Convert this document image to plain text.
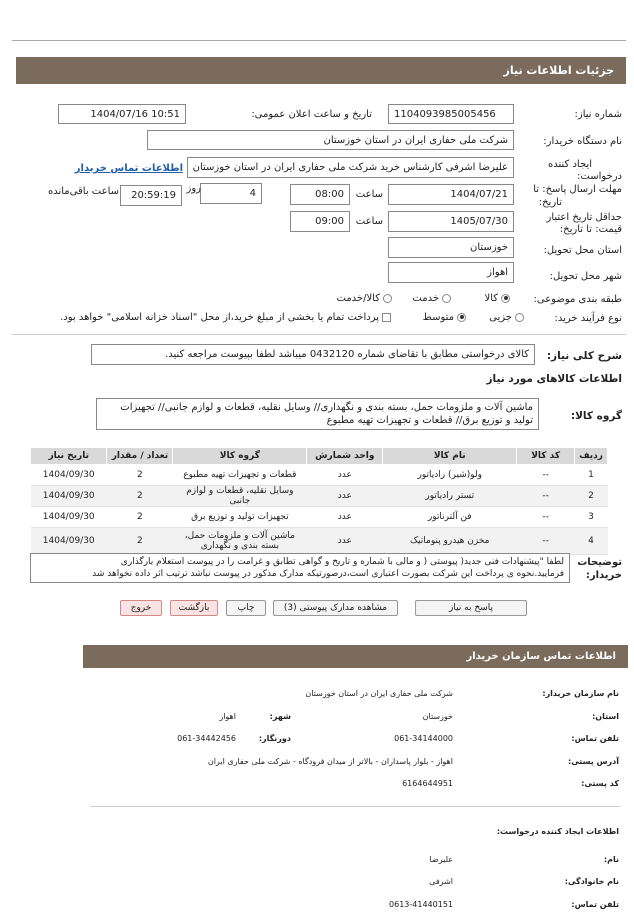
جزئیات اطلاعات نیاز
شماره نیاز:
1104093985005456
تاریخ و ساعت اعلان عمومی:
1404/07/16 10:51
نام دستگاه خریدار:
شرکت ملی حفاری ایران در استان خوزستان
ایجاد کننده
درخواست:
علیرضا اشرفی کارشناس خرید شرکت ملی حفاری ایران در استان خوزستان
اطلاعات تماس خریدار
مهلت ارسال پاسخ: تا
تاریخ:
1404/07/21
ساعت
08:00
4
روز
20:59:19
ساعت باقی‌مانده
حداقل تاریخ اعتبار
قیمت: تا تاریخ:
1405/07/30
ساعت
09:00
استان محل تحویل:
خوزستان
شهر محل تحویل:
اهواز
طبقه بندی موضوعی:
کالا
خدمت
کالا/خدمت
نوع فرآیند خرید:
جزیی
متوسط
پرداخت تمام یا بخشی از مبلغ خرید،از محل "اسناد خزانه اسلامی" خواهد بود.
شرح کلی نیاز:
کالای درخواستی مطابق با تقاضای شماره 0432120 میباشد لطفا بپیوست مراجعه کنید.
اطلاعات کالاهای مورد نیاز
گروه کالا:
ماشین آلات و ملزومات حمل، بسته بندی و نگهداری// وسایل نقلیه، قطعات و لوازم جانبی// تجهیزات
تولید و توزیع برق// قطعات و تجهیزات تهیه مطبوع
ردیف	کد کالا	نام کالا	واحد شمارش	گروه کالا	تعداد / مقدار	تاریخ نیاز
1	--	ولو(شیر) رادیاتور	عدد	قطعات و تجهیزات تهیه مطبوع	2	1404/09/30
2	--	تستر رادیاتور	عدد	وسایل نقلیه، قطعات و لوازم جانبی	2	1404/09/30
3	--	فن آلترناتور	عدد	تجهیزات تولید و توزیع برق	2	1404/09/30
4	--	مخزن هیدرو پنوماتیک	عدد	ماشین آلات و ملزومات حمل، بسته بندی و نگهداری	2	1404/09/30
توضیحات
خریدار:
لطفا "پیشنهادات فنی جدید( پیوستی ( و مالی با شماره و تاریخ و گواهی تطابق و غرامت را در پیوست استعلام بارگذاری
فرمایید.نحوه ی پرداخت این شرکت بصورت اعتباری است،درصورتیکه مدارک مذکور در پیوست نباشد ترتیب اثر داده نخواهد شد
پاسخ به نیاز
مشاهده مدارک پیوستی (3)
چاپ
بازگشت
خروج
اطلاعات تماس سازمان خریدار
نام سازمان خریدار:
شرکت ملی حفاری ایران در استان خوزستان
استان:
خوزستان
شهر:
اهواز
تلفن تماس:
061-34144000
دورنگار:
061-34442456
آدرس پستی:
اهواز - بلوار پاسداران - بالاتر از میدان فرودگاه - شرکت ملی حفاری ایران
کد پستی:
6164644951
اطلاعات ایجاد کننده درخواست:
نام:
علیرضا
نام خانوادگی:
اشرفی
تلفن تماس:
0613-41440151
